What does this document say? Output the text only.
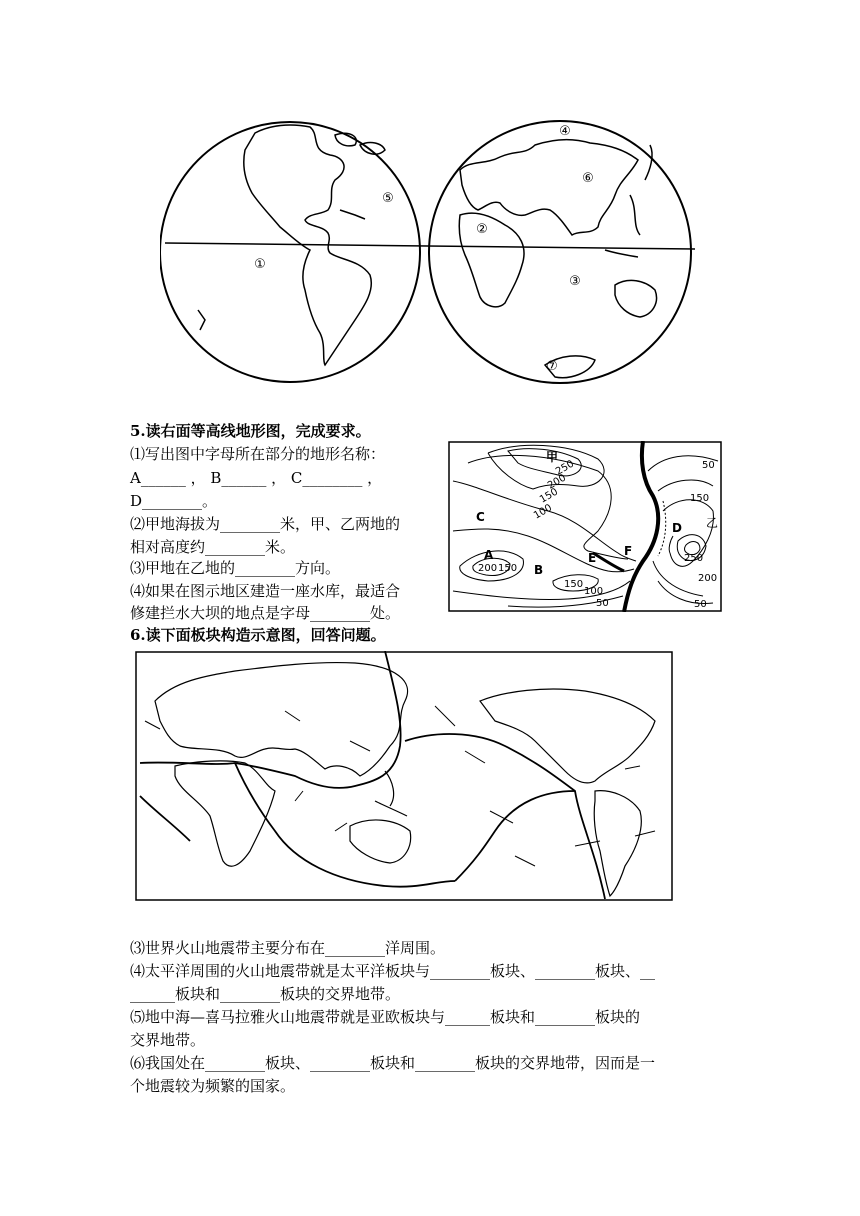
①
②
③
④
⑤
⑥
⑦
5.读右面等高线地形图，完成要求。
⑴写出图中字母所在部分的地形名称：
A______ ， B______ ， C________ ，
D________。
⑵甲地海拔为________米，甲、乙两地的
相对高度约________米。
⑶甲地在乙地的________方向。
⑷如果在图示地区建造一座水库，最适合
修建拦水大坝的地点是字母________处。
甲
乙
A
B
C
D
E F
250
200
150
100
200 150
150
100
50
50
150
250
200
50
6.读下面板块构造示意图，回答问题。
⑶世界火山地震带主要分布在________洋周围。
⑷太平洋周围的火山地震带就是太平洋板块与________板块、________板块、__
______板块和________板块的交界地带。
⑸地中海—喜马拉雅火山地震带就是亚欧板块与______板块和________板块的
交界地带。
⑹我国处在________板块、________板块和________板块的交界地带，因而是一
个地震较为频繁的国家。
